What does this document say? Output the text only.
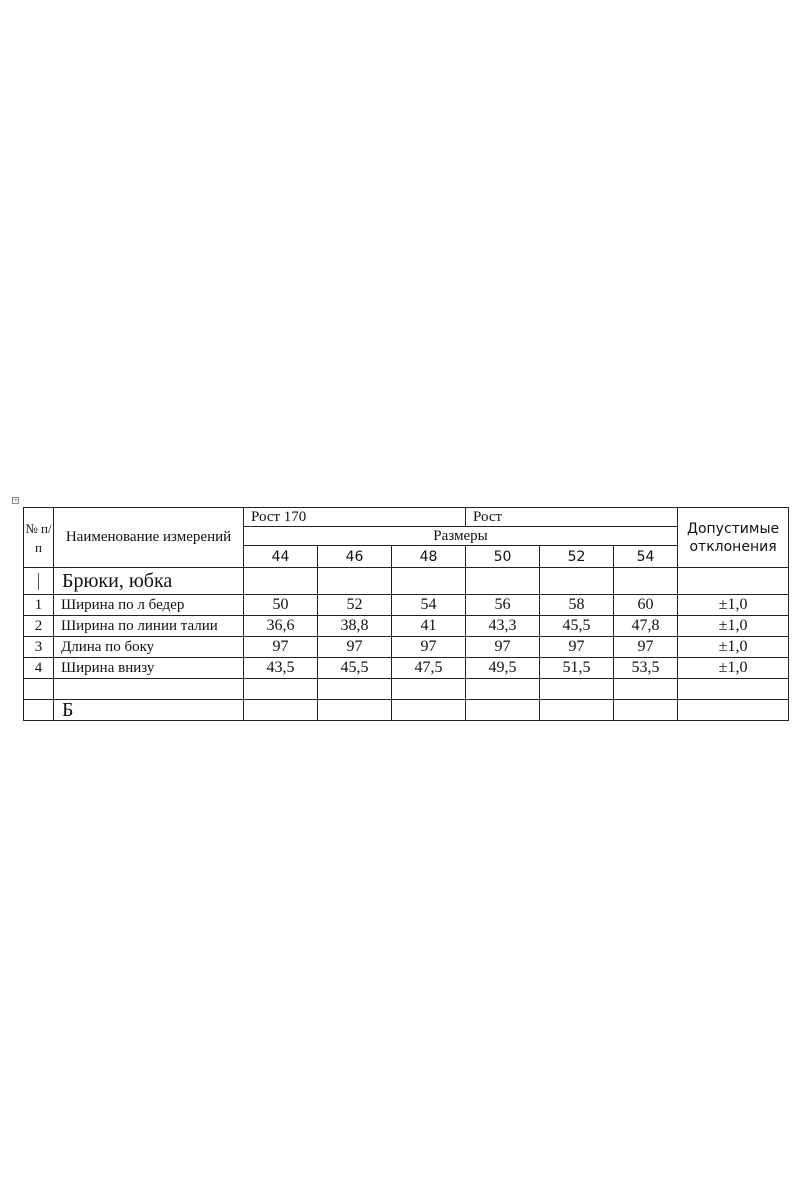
+
№ п/ п	Наименование измерений	Рост 170			Рост			Допустимые отклонения
		Размеры						
		44	46	48	50	52	54	
	Брюки, юбка							
1	Ширина по л бедер	50	52	54	56	58	60	±1,0
2	Ширина по линии талии	36,6	38,8	41	43,3	45,5	47,8	±1,0
3	Длина по боку	97	97	97	97	97	97	±1,0
4	Ширина внизу	43,5	45,5	47,5	49,5	51,5	53,5	±1,0

	Б							
